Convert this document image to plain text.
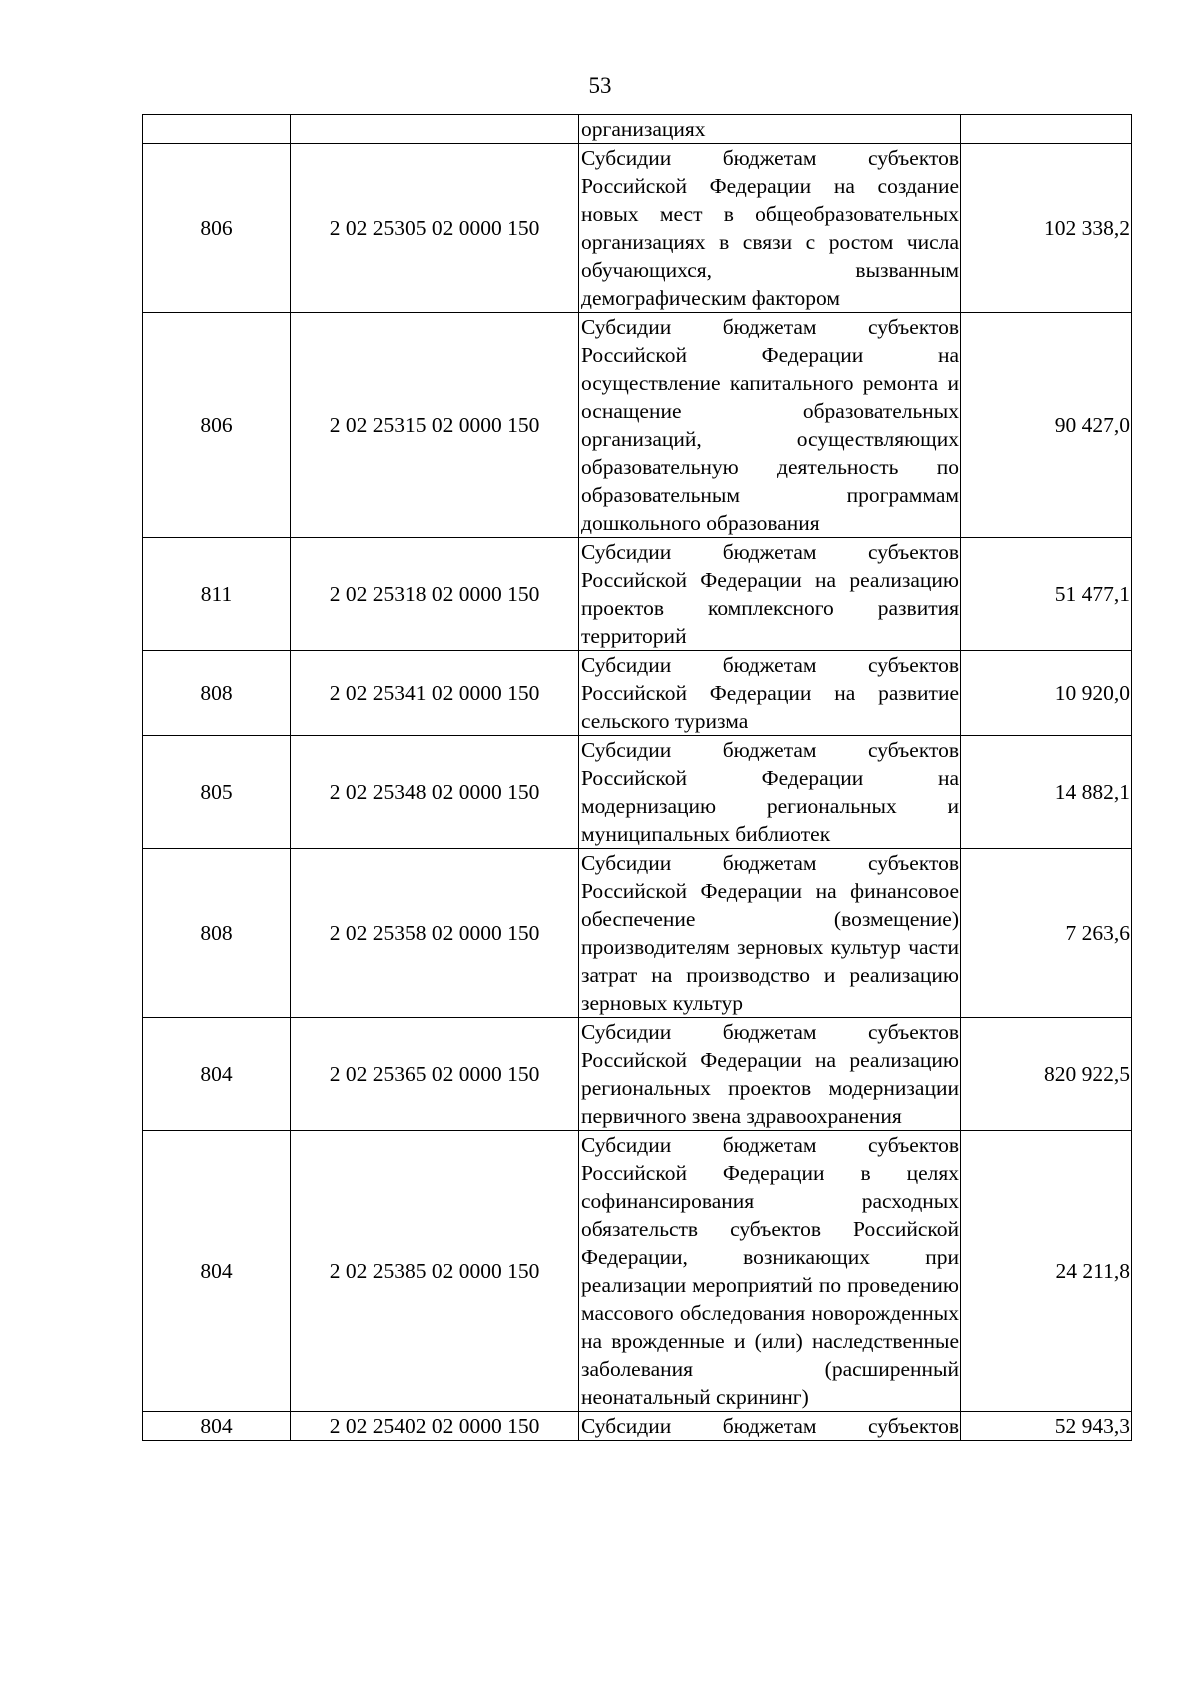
53
		организациях	
806	2 02 25305 02 0000 150	Субсидии бюджетам субъектов Российской Федерации на создание новых мест в общеобразовательных организациях в связи с ростом числа обучающихся, вызванным демографическим фактором	102 338,2
806	2 02 25315 02 0000 150	Субсидии бюджетам субъектов Российской Федерации на осуществление капитального ремонта и оснащение образовательных организаций, осуществляющих образовательную деятельность по образовательным программам дошкольного образования	90 427,0
811	2 02 25318 02 0000 150	Субсидии бюджетам субъектов Российской Федерации на реализацию проектов комплексного развития территорий	51 477,1
808	2 02 25341 02 0000 150	Субсидии бюджетам субъектов Российской Федерации на развитие сельского туризма	10 920,0
805	2 02 25348 02 0000 150	Субсидии бюджетам субъектов Российской Федерации на модернизацию региональных и муниципальных библиотек	14 882,1
808	2 02 25358 02 0000 150	Субсидии бюджетам субъектов Российской Федерации на финансовое обеспечение (возмещение) производителям зерновых культур части затрат на производство и реализацию зерновых культур	7 263,6
804	2 02 25365 02 0000 150	Субсидии бюджетам субъектов Российской Федерации на реализацию региональных проектов модернизации первичного звена здравоохранения	820 922,5
804	2 02 25385 02 0000 150	Субсидии бюджетам субъектов Российской Федерации в целях софинансирования расходных обязательств субъектов Российской Федерации, возникающих при реализации мероприятий по проведению массового обследования новорожденных на врожденные и (или) наследственные заболевания (расширенный неонатальный скрининг)	24 211,8
804	2 02 25402 02 0000 150	Субсидии бюджетам субъектов	52 943,3
